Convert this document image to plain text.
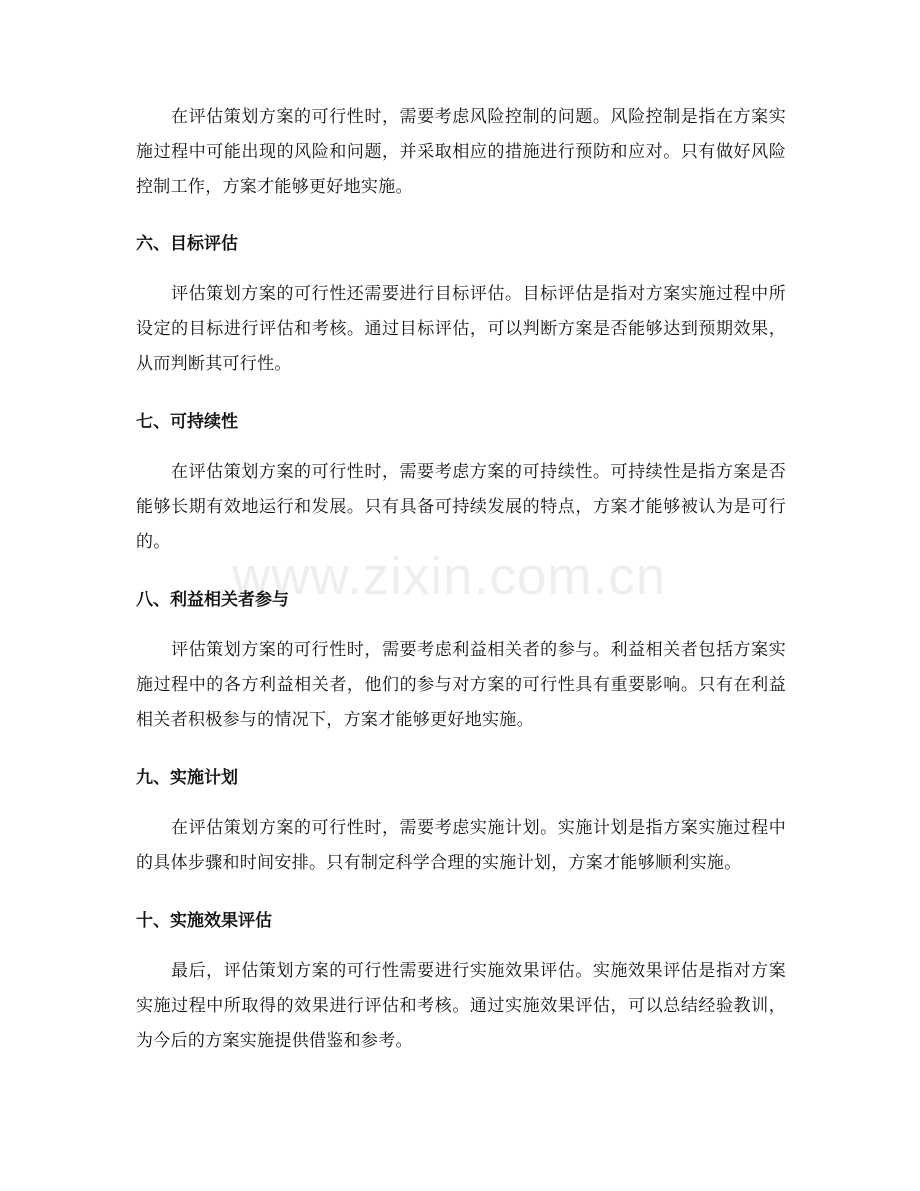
在评估策划方案的可行性时，需要考虑风险控制的问题。风险控制是指在方案实施过程中可能出现的风险和问题，并采取相应的措施进行预防和应对。只有做好风险控制工作，方案才能够更好地实施。

六、目标评估

评估策划方案的可行性还需要进行目标评估。目标评估是指对方案实施过程中所设定的目标进行评估和考核。通过目标评估，可以判断方案是否能够达到预期效果，从而判断其可行性。

七、可持续性

在评估策划方案的可行性时，需要考虑方案的可持续性。可持续性是指方案是否能够长期有效地运行和发展。只有具备可持续发展的特点，方案才能够被认为是可行的。

八、利益相关者参与

评估策划方案的可行性时，需要考虑利益相关者的参与。利益相关者包括方案实施过程中的各方利益相关者，他们的参与对方案的可行性具有重要影响。只有在利益相关者积极参与的情况下，方案才能够更好地实施。

九、实施计划

在评估策划方案的可行性时，需要考虑实施计划。实施计划是指方案实施过程中的具体步骤和时间安排。只有制定科学合理的实施计划，方案才能够顺利实施。

十、实施效果评估

最后，评估策划方案的可行性需要进行实施效果评估。实施效果评估是指对方案实施过程中所取得的效果进行评估和考核。通过实施效果评估，可以总结经验教训，为今后的方案实施提供借鉴和参考。

www.zixin.com.cn
